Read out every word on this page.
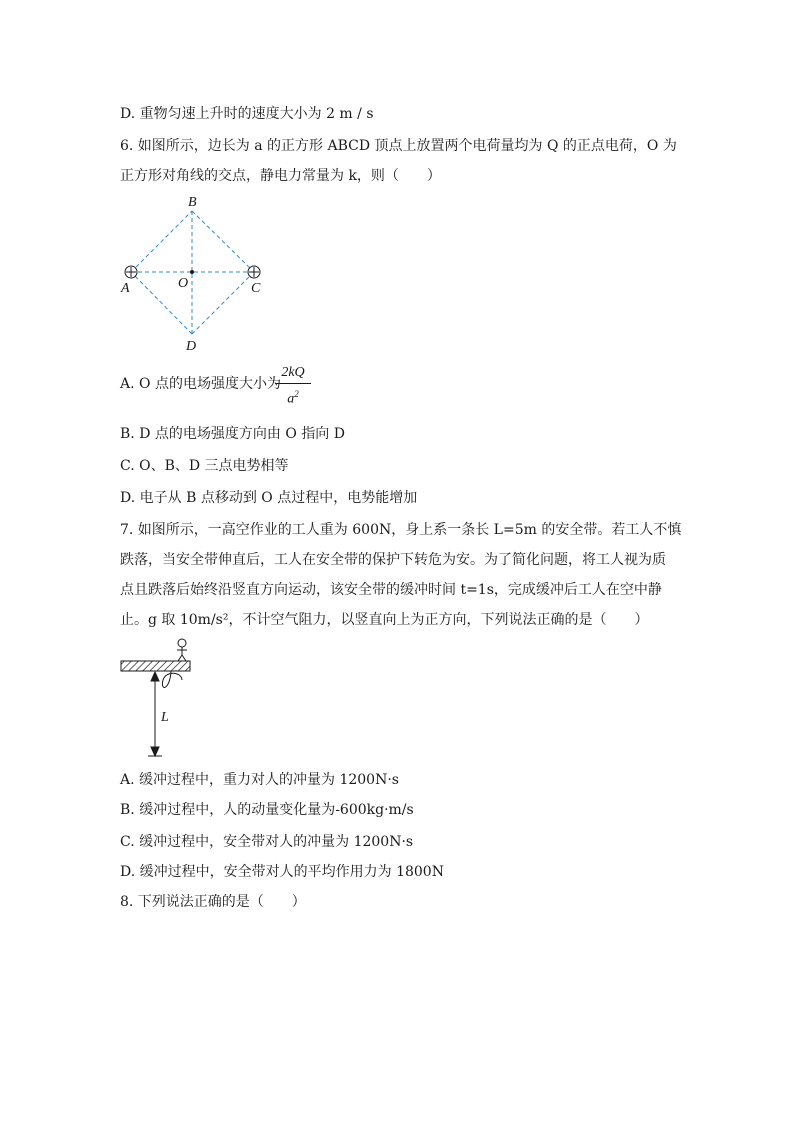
D. 重物匀速上升时的速度大小为 2 m / s
6. 如图所示，边长为 a 的正方形 ABCD 顶点上放置两个电荷量均为 Q 的正点电荷，O 为
正方形对角线的交点，静电力常量为 k，则（　　）
B
A	O	C
D
A. O 点的电场强度大小为
2kQ
$a^2$
B. D 点的电场强度方向由 O 指向 D
C. O、B、D 三点电势相等
D. 电子从 B 点移动到 O 点过程中，电势能增加
7. 如图所示，一高空作业的工人重为 600N，身上系一条长 L=5m 的安全带。若工人不慎
跌落，当安全带伸直后，工人在安全带的保护下转危为安。为了简化问题，将工人视为质
点且跌落后始终沿竖直方向运动，该安全带的缓冲时间 t=1s，完成缓冲后工人在空中静
止。g 取 10m/s²，不计空气阻力，以竖直向上为正方向，下列说法正确的是（　　）
L
A. 缓冲过程中，重力对人的冲量为 1200N·s
B. 缓冲过程中，人的动量变化量为-600kg·m/s
C. 缓冲过程中，安全带对人的冲量为 1200N·s
D. 缓冲过程中，安全带对人的平均作用力为 1800N
8. 下列说法正确的是（　　）
